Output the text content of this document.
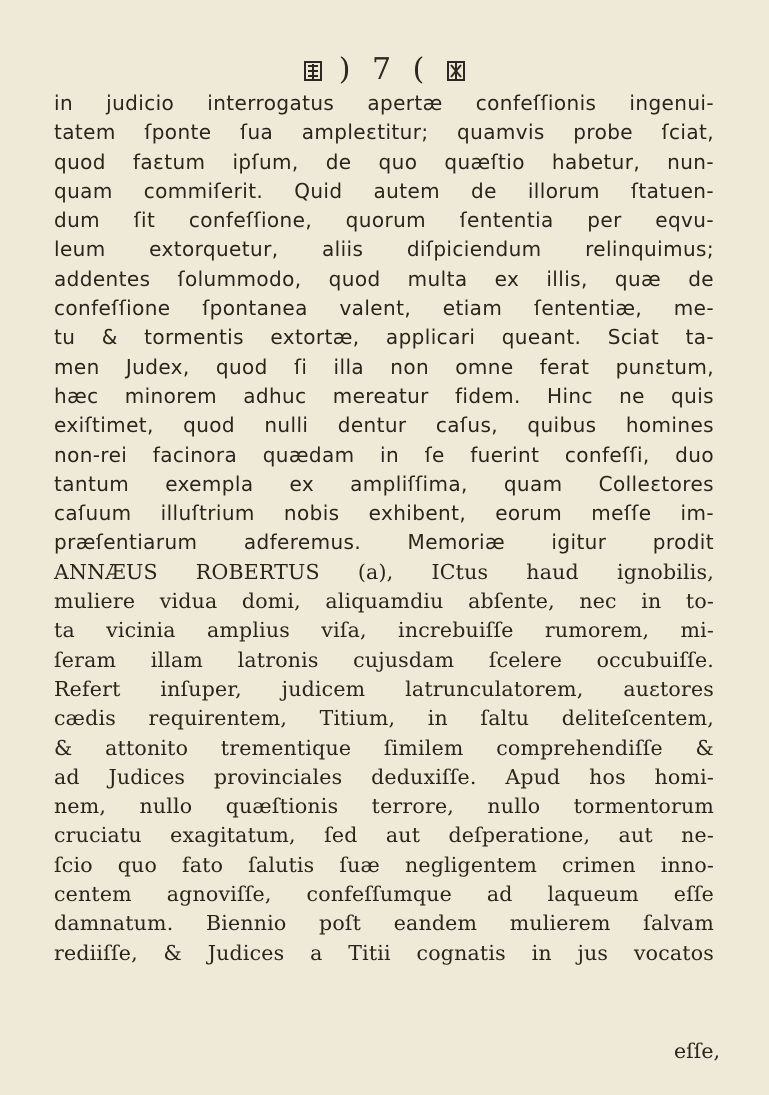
) 7 (
in judicio interrogatus apertæ confeſſionis ingenui-
tatem ſponte ſua ampleɛtitur; quamvis probe ſciat,
quod faɛtum ipſum, de quo quæſtio habetur, nun-
quam commiſerit. Quid autem de illorum ſtatuen-
dum ſit confeſſione, quorum ſententia per eqvu-
leum extorquetur, aliis diſpiciendum relinquimus;
addentes ſolummodo, quod multa ex illis, quæ de
confeſſione ſpontanea valent, etiam ſententiæ, me-
tu & tormentis extortæ, applicari queant. Sciat ta-
men Judex, quod ſi illa non omne ferat punɛtum,
hæc minorem adhuc mereatur fidem. Hinc ne quis
exiſtimet, quod nulli dentur caſus, quibus homines
non-rei facinora quædam in ſe fuerint confeſſi, duo
tantum exempla ex ampliſſima, quam Colleɛtores
caſuum illuſtrium nobis exhibent, eorum meſſe im-
præſentiarum adferemus. Memoriæ igitur prodit
ANNÆUS ROBERTUS (a), ICtus haud ignobilis,
muliere vidua domi, aliquamdiu abſente, nec in to-
ta vicinia amplius viſa, increbuiſſe rumorem, mi-
ſeram illam latronis cujusdam ſcelere occubuiſſe.
Refert inſuper, judicem latrunculatorem, auɛtores
cædis requirentem, Titium, in ſaltu deliteſcentem,
& attonito trementique ſimilem comprehendiſſe &
ad Judices provinciales deduxiſſe. Apud hos homi-
nem, nullo quæſtionis terrore, nullo tormentorum
cruciatu exagitatum, ſed aut deſperatione, aut ne-
ſcio quo fato ſalutis ſuæ negligentem crimen inno-
centem agnoviſſe, confeſſumque ad laqueum eſſe
damnatum. Biennio poſt eandem mulierem ſalvam
rediiſſe, & Judices a Titii cognatis in jus vocatos
eſſe,
